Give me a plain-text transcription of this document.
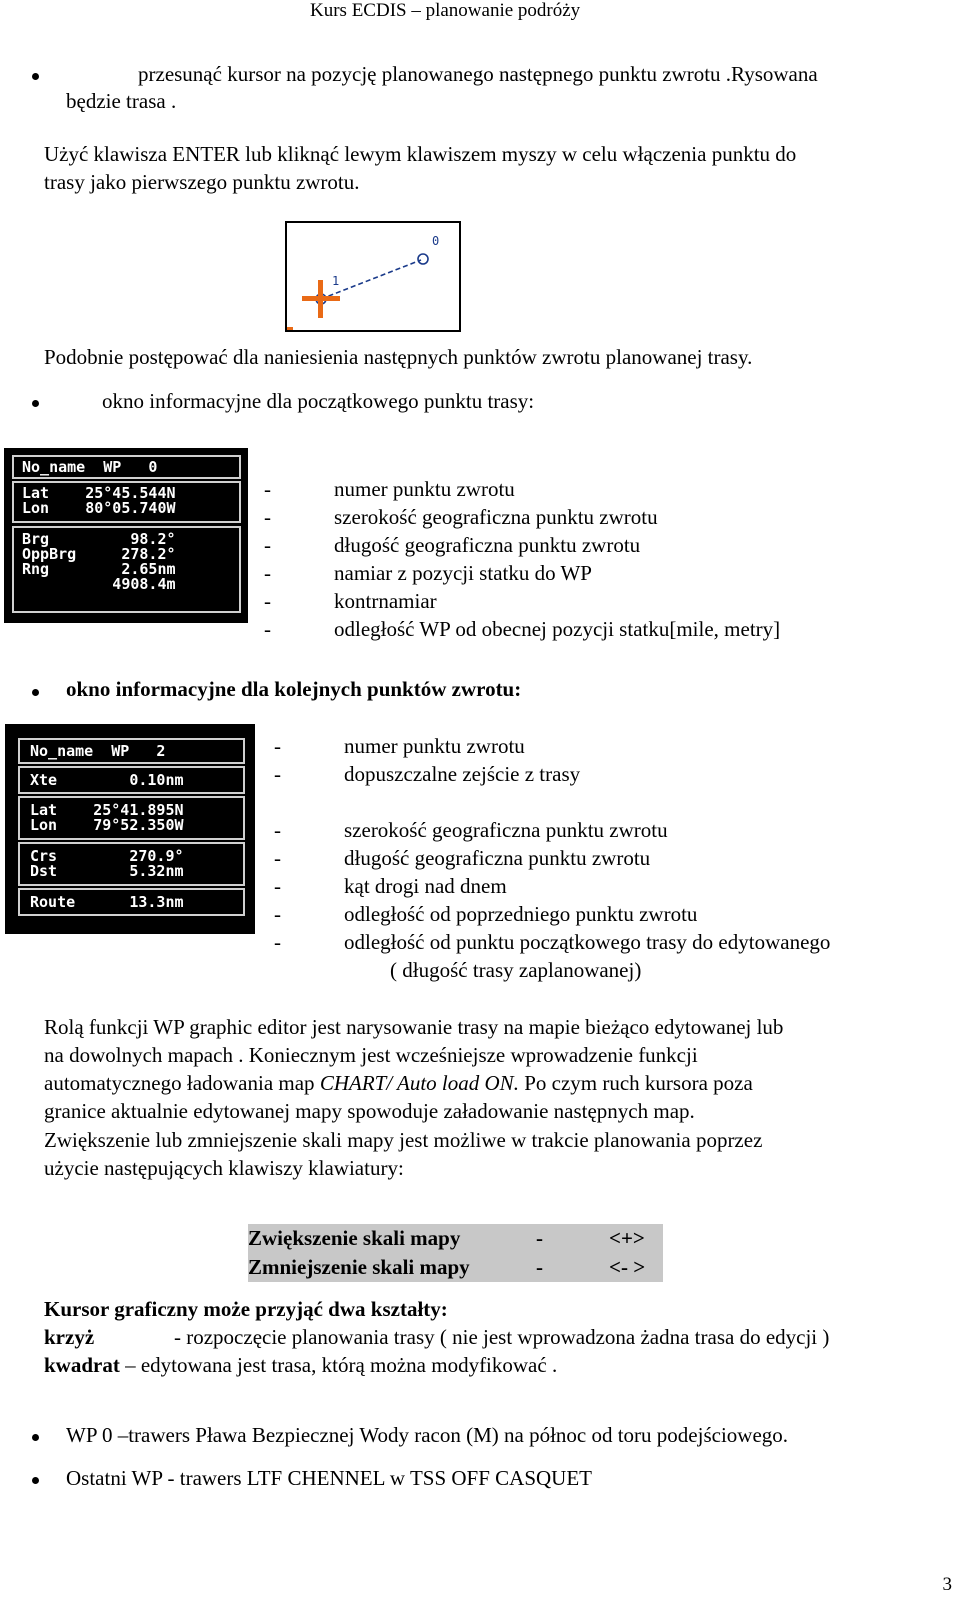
Kurs ECDIS – planowanie podróży
przesunąć kursor na pozycję planowanego następnego punktu zwrotu .Rysowana
będzie trasa .
Użyć klawisza ENTER lub kliknąć lewym klawiszem myszy w celu włączenia punktu do
trasy jako pierwszego punktu zwrotu.
1
0
Podobnie postępować dla naniesienia następnych punktów zwrotu planowanej trasy.
okno informacyjne dla początkowego punktu trasy:
No_name  WP   0
Lat    25°45.544N
Lon    80°05.740W
Brg         98.2°
OppBrg     278.2°
Rng        2.65nm
4908.4m
-	numer punktu zwrotu
-	szerokość geograficzna punktu zwrotu
-	długość geograficzna punktu zwrotu
-	namiar z pozycji statku do WP
-	kontrnamiar
-	odległość WP od obecnej pozycji statku[mile, metry]
okno informacyjne dla kolejnych punktów zwrotu:
No_name  WP   2
Xte        0.10nm
Lat    25°41.895N
Lon    79°52.350W
Crs        270.9°
Dst        5.32nm
Route      13.3nm
-	numer punktu zwrotu
-	dopuszczalne zejście z trasy
-	szerokość geograficzna punktu zwrotu
-	długość geograficzna punktu zwrotu
-	kąt drogi nad dnem
-	odległość od poprzedniego punktu zwrotu
-	odległość od punktu początkowego trasy do edytowanego
( długość trasy zaplanowanej)
Rolą funkcji WP graphic editor jest narysowanie trasy na mapie bieżąco edytowanej lub
na dowolnych mapach . Koniecznym jest wcześniejsze wprowadzenie funkcji
automatycznego ładowania map CHART/ Auto load ON. Po czym ruch kursora poza
granice aktualnie edytowanej mapy spowoduje załadowanie następnych map.
Zwiększenie lub zmniejszenie skali mapy jest możliwe w trakcie planowania poprzez
użycie następujących klawiszy klawiatury:
Zwiększenie skali mapy	-	<+>
Zmniejszenie skali mapy	-	<- >
Kursor graficzny może przyjąć dwa kształty:
krzyż	- rozpoczęcie planowania trasy ( nie jest wprowadzona żadna trasa do edycji )
kwadrat – edytowana jest trasa, którą można modyfikować .
WP 0 –trawers Pława Bezpiecznej Wody racon (M) na północ od toru podejściowego.
Ostatni WP - trawers LTF CHENNEL w TSS OFF CASQUET
3
